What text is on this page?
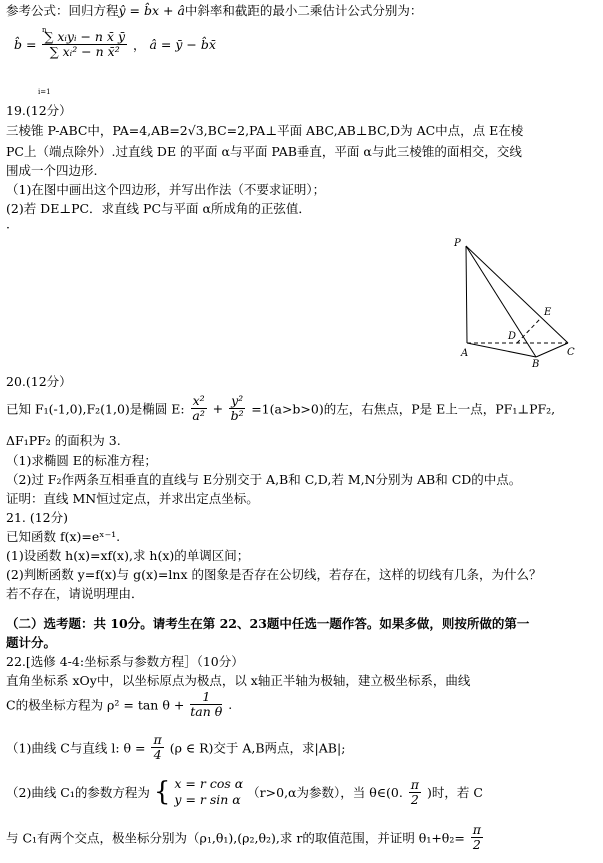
参考公式：回归方程ŷ = b̂x + â中斜率和截距的最小二乘估计公式分别为：
b̂ = $\frac{\text{∑ xᵢyᵢ − n x̄ ȳ}}{\text{∑ xᵢ² − n x̄²}}$ ， â = ȳ − b̂x̄
n
i=1
19.(12分）
三棱锥 P-ABC中，PA=4,AB=2√3,BC=2,PA⊥平面 ABC,AB⊥BC,D为 AC中点，点 E在棱
PC上（端点除外）.过直线 DE 的平面 α与平面 PAB垂直，平面 α与此三棱锥的面相交，交线
围成一个四边形.
（1)在图中画出这个四边形，并写出作法（不要求证明）；
(2)若 DE⊥PC．求直线 PC与平面 α所成角的正弦值．
·
P
A
B
C
D
E
20.(12分）
已知 F₁(-1,0),F₂(1,0)是椭圆 E: $\frac{\text{x²}}{\text{a²}} + \frac{\text{y²}}{\text{b²}} =1(a>b>0)$的左，右焦点，P是 E上一点，PF₁⊥PF₂,
ΔF₁PF₂ 的面积为 3.
（1)求椭圆 E的标准方程；
（2)过 F₂作两条互相垂直的直线与 E分别交于 A,B和 C,D,若 M,N分别为 AB和 CD的中点。
证明：直线 MN恒过定点，并求出定点坐标。
21. (12分)
已知函数 f(x)=eˣ⁻¹.
(1)设函数 h(x)=xf(x),求 h(x)的单调区间；
(2)判断函数 y=f(x)与 g(x)=lnx 的图象是否存在公切线，若存在，这样的切线有几条，为什么？
若不存在，请说明理由．
（二）选考题：共 10分。请考生在第 22、23题中任选一题作答。如果多做，则按所做的第一
题计分。
22.[选修 4-4:坐标系与参数方程］（10分）
直角坐标系 xOy中，以坐标原点为极点，以 x轴正半轴为极轴，建立极坐标系，曲线
C的极坐标方程为 $\rho^2 = \tan \theta + \frac{1}{\text{tan θ}}$ .
（1)曲线 C与直线 l: $\theta = \frac{\pi}{4} (\rho$ ∈ R)交于 A,B两点，求|AB|;
（2)曲线 C₁的参数方程为 { x = r cos α
y = r sin α （r>0,α为参数），当 θ∈(0. $\frac{\pi}{2}$ )时，若 C
与 C₁有两个交点，极坐标分别为（ρ₁,θ₁),(ρ₂,θ₂),求 r的取值范围，并证明 $\theta_1+\theta_2= \frac{\pi}{2}$
